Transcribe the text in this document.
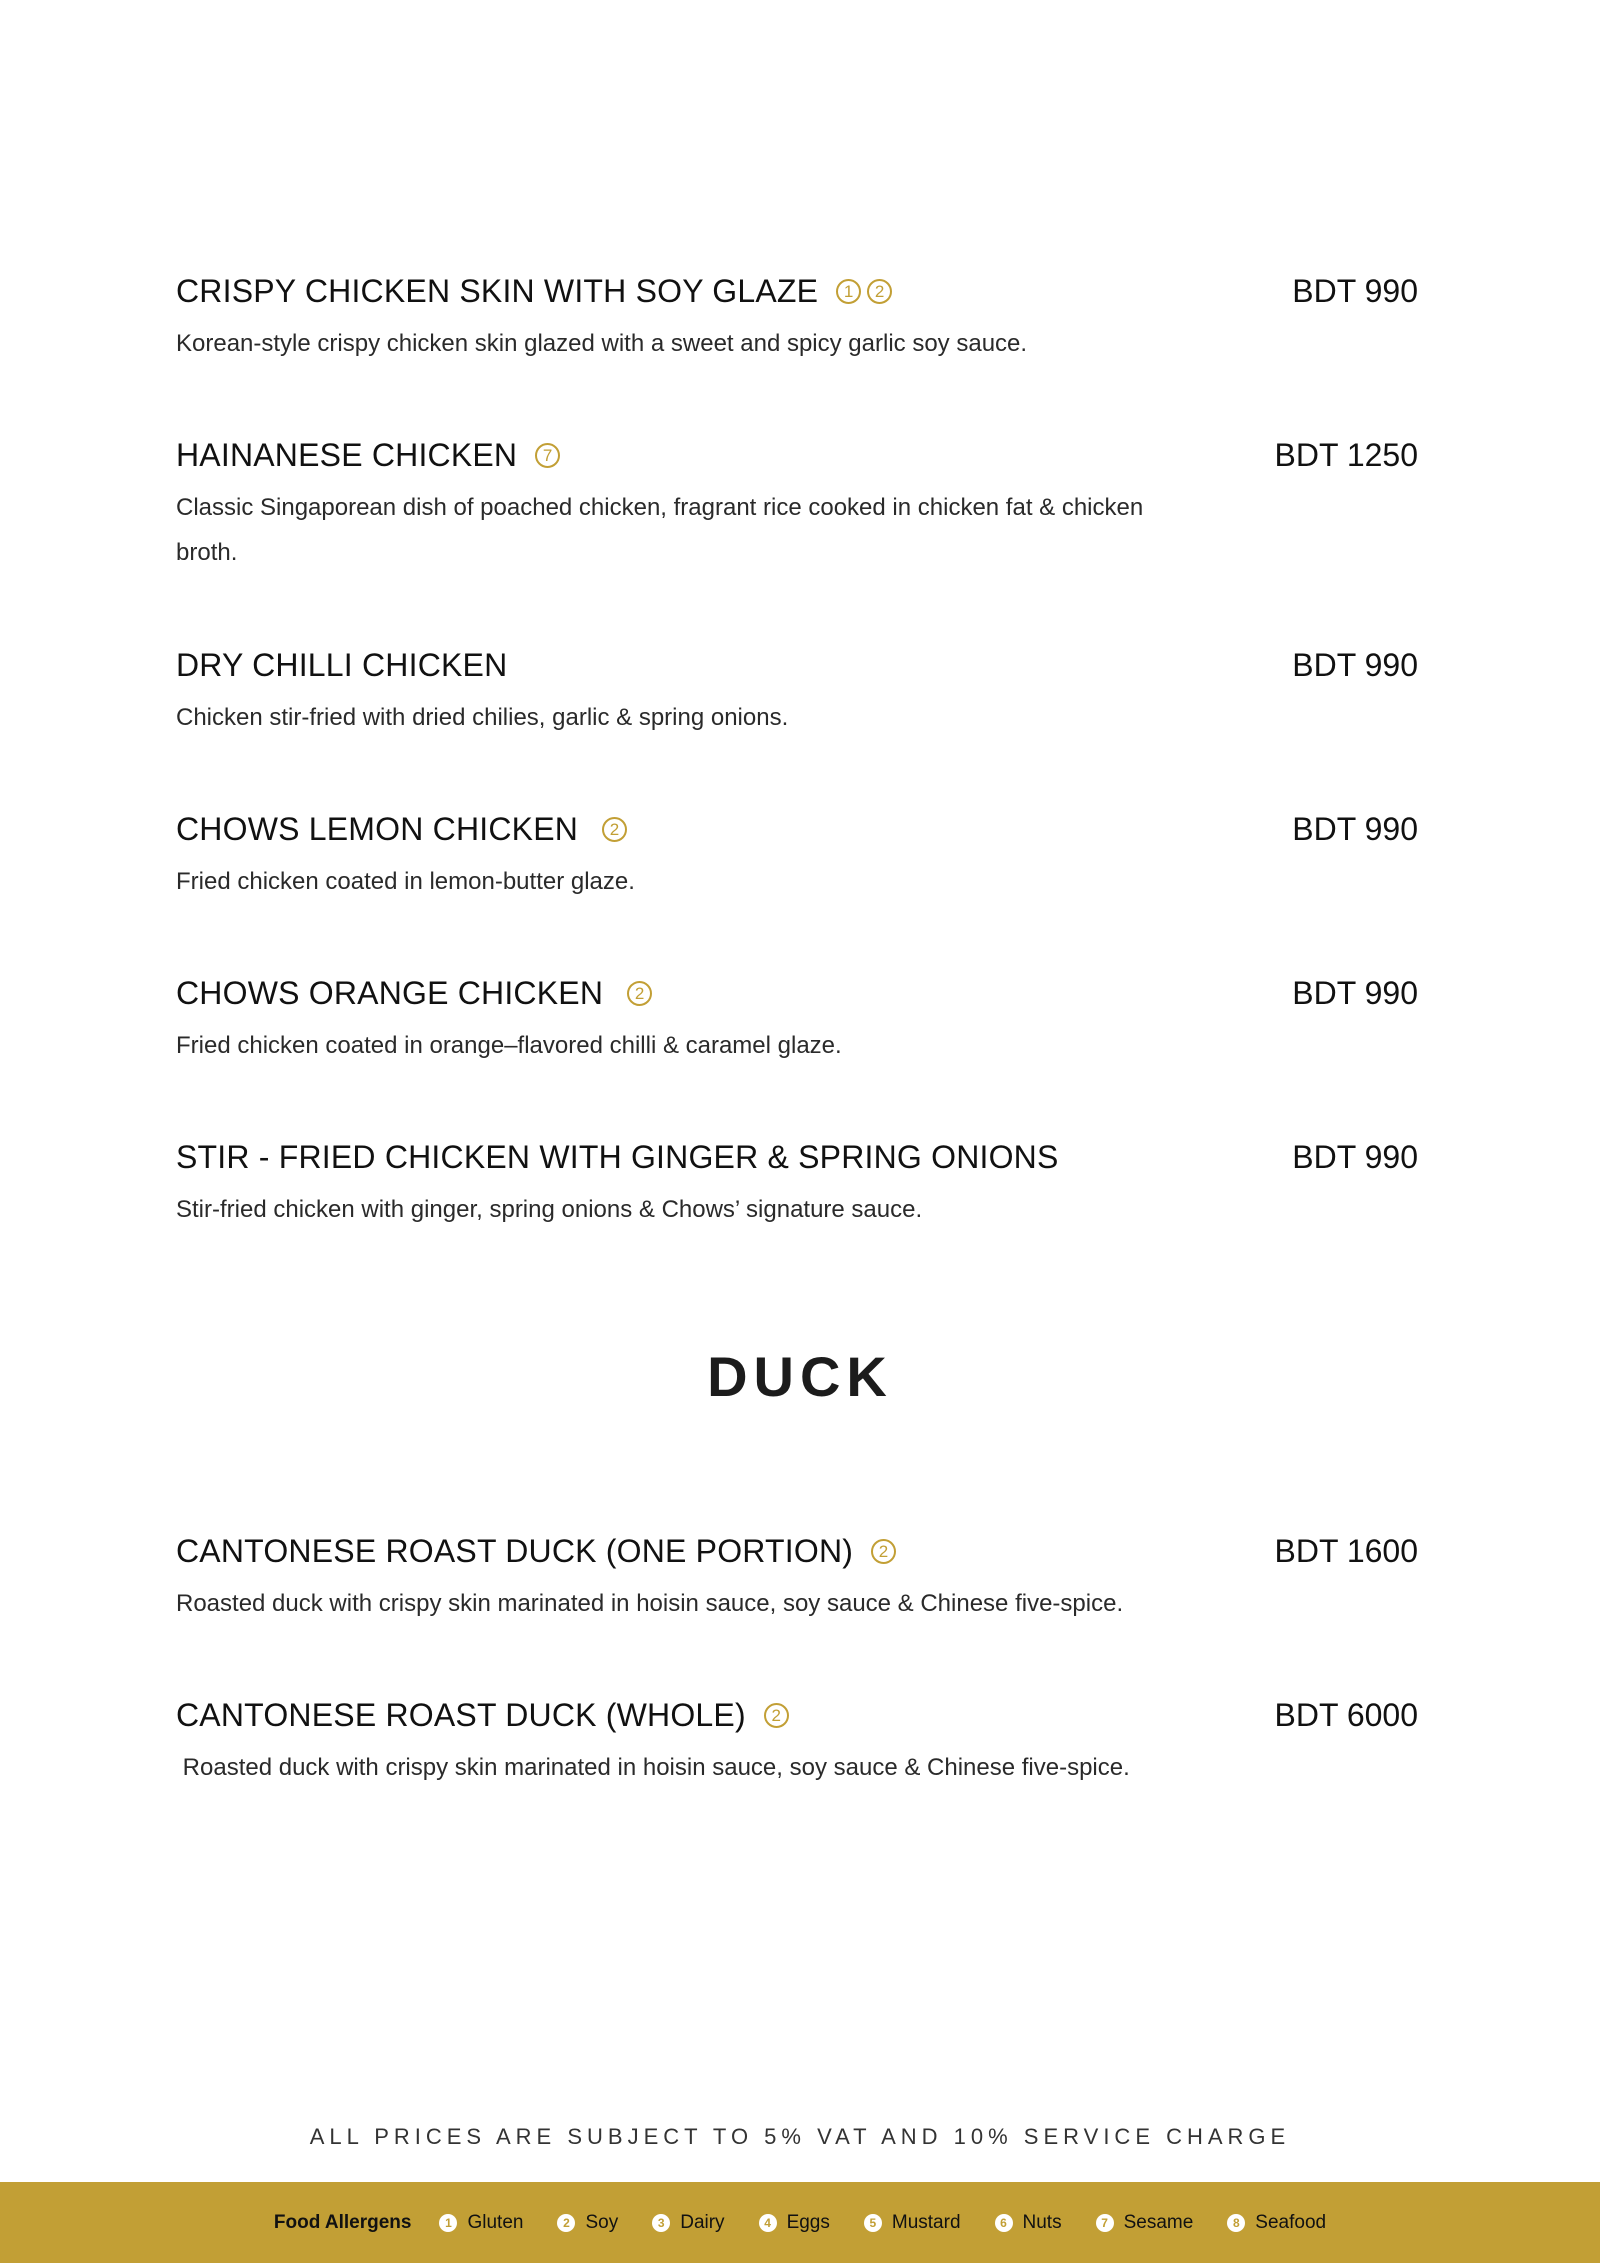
CRISPY CHICKEN SKIN WITH SOY GLAZE	1	2	BDT 990
Korean-style crispy chicken skin glazed with a sweet and spicy garlic soy sauce.
HAINANESE CHICKEN	7	BDT 1250
Classic Singaporean dish of poached chicken, fragrant rice cooked in chicken fat & chicken broth.
DRY CHILLI CHICKEN	BDT 990
Chicken stir-fried with dried chilies, garlic & spring onions.
CHOWS LEMON CHICKEN	2	BDT 990
Fried chicken coated in lemon-butter glaze.
CHOWS ORANGE CHICKEN	2	BDT 990
Fried chicken coated in orange–flavored chilli & caramel glaze.
STIR - FRIED CHICKEN WITH GINGER & SPRING ONIONS	BDT 990
Stir-fried chicken with ginger, spring onions & Chows’ signature sauce.
DUCK
CANTONESE ROAST DUCK (ONE PORTION)	2	BDT 1600
Roasted duck with crispy skin marinated in hoisin sauce, soy sauce & Chinese five-spice.
CANTONESE ROAST DUCK (WHOLE)	2	BDT 6000
Roasted duck with crispy skin marinated in hoisin sauce, soy sauce & Chinese five-spice.
ALL PRICES ARE SUBJECT TO 5% VAT AND 10% SERVICE CHARGE
Food Allergens	1 Gluten	2 Soy	3 Dairy	4 Eggs	5 Mustard	6 Nuts	7 Sesame	8 Seafood
